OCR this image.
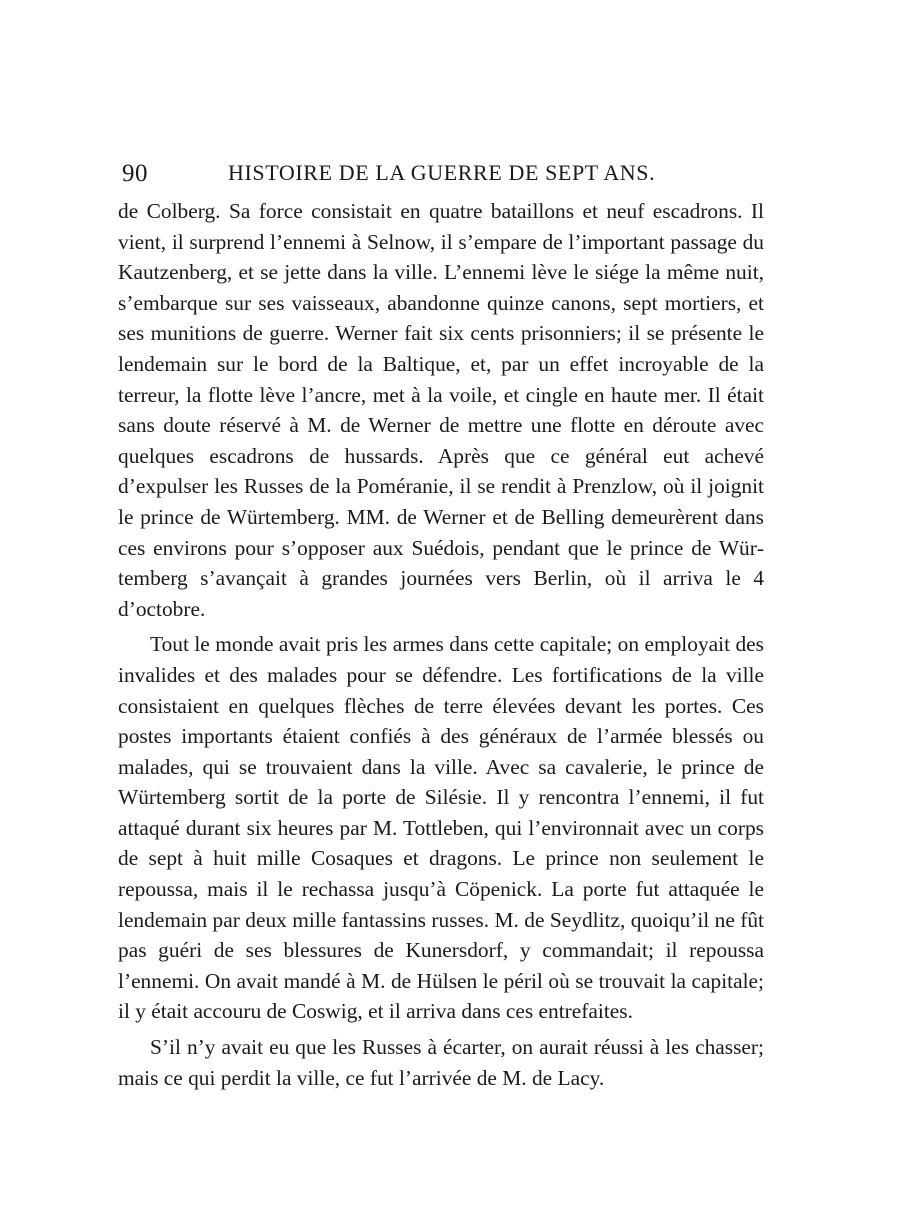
90	HISTOIRE DE LA GUERRE DE SEPT ANS.

de Colberg. Sa force consistait en quatre bataillons et neuf escadrons. Il vient, il surprend l’ennemi à Selnow, il s’empare de l’important passage du Kautzenberg, et se jette dans la ville. L’ennemi lève le siége la même nuit, s’embarque sur ses vaisseaux, abandonne quinze canons, sept mortiers, et ses munitions de guerre. Werner fait six cents prisonniers; il se présente le lendemain sur le bord de la Baltique, et, par un effet incroyable de la terreur, la flotte lève l’ancre, met à la voile, et cingle en haute mer. Il était sans doute réservé à M. de Werner de mettre une flotte en déroute avec quelques escadrons de hussards. Après que ce général eut achevé d’expulser les Russes de la Poméranie, il se rendit à Prenzlow, où il joignit le prince de Würtemberg. MM. de Werner et de Belling demeurèrent dans ces environs pour s’opposer aux Suédois, pendant que le prince de Würtemberg s’avançait à grandes journées vers Berlin, où il arriva le 4 d’octobre.

Tout le monde avait pris les armes dans cette capitale; on employait des invalides et des malades pour se défendre. Les fortifications de la ville consistaient en quelques flèches de terre élevées devant les portes. Ces postes importants étaient confiés à des généraux de l’armée blessés ou malades, qui se trouvaient dans la ville. Avec sa cavalerie, le prince de Würtemberg sortit de la porte de Silésie. Il y rencontra l’ennemi, il fut attaqué durant six heures par M. Tottleben, qui l’environnait avec un corps de sept à huit mille Cosaques et dragons. Le prince non seulement le repoussa, mais il le rechassa jusqu’à Cöpenick. La porte fut attaquée le lendemain par deux mille fantassins russes. M. de Seydlitz, quoiqu’il ne fût pas guéri de ses blessures de Kunersdorf, y commandait; il repoussa l’ennemi. On avait mandé à M. de Hülsen le péril où se trouvait la capitale; il y était accouru de Coswig, et il arriva dans ces entrefaites.

S’il n’y avait eu que les Russes à écarter, on aurait réussi à les chasser; mais ce qui perdit la ville, ce fut l’arrivée de M. de Lacy.
